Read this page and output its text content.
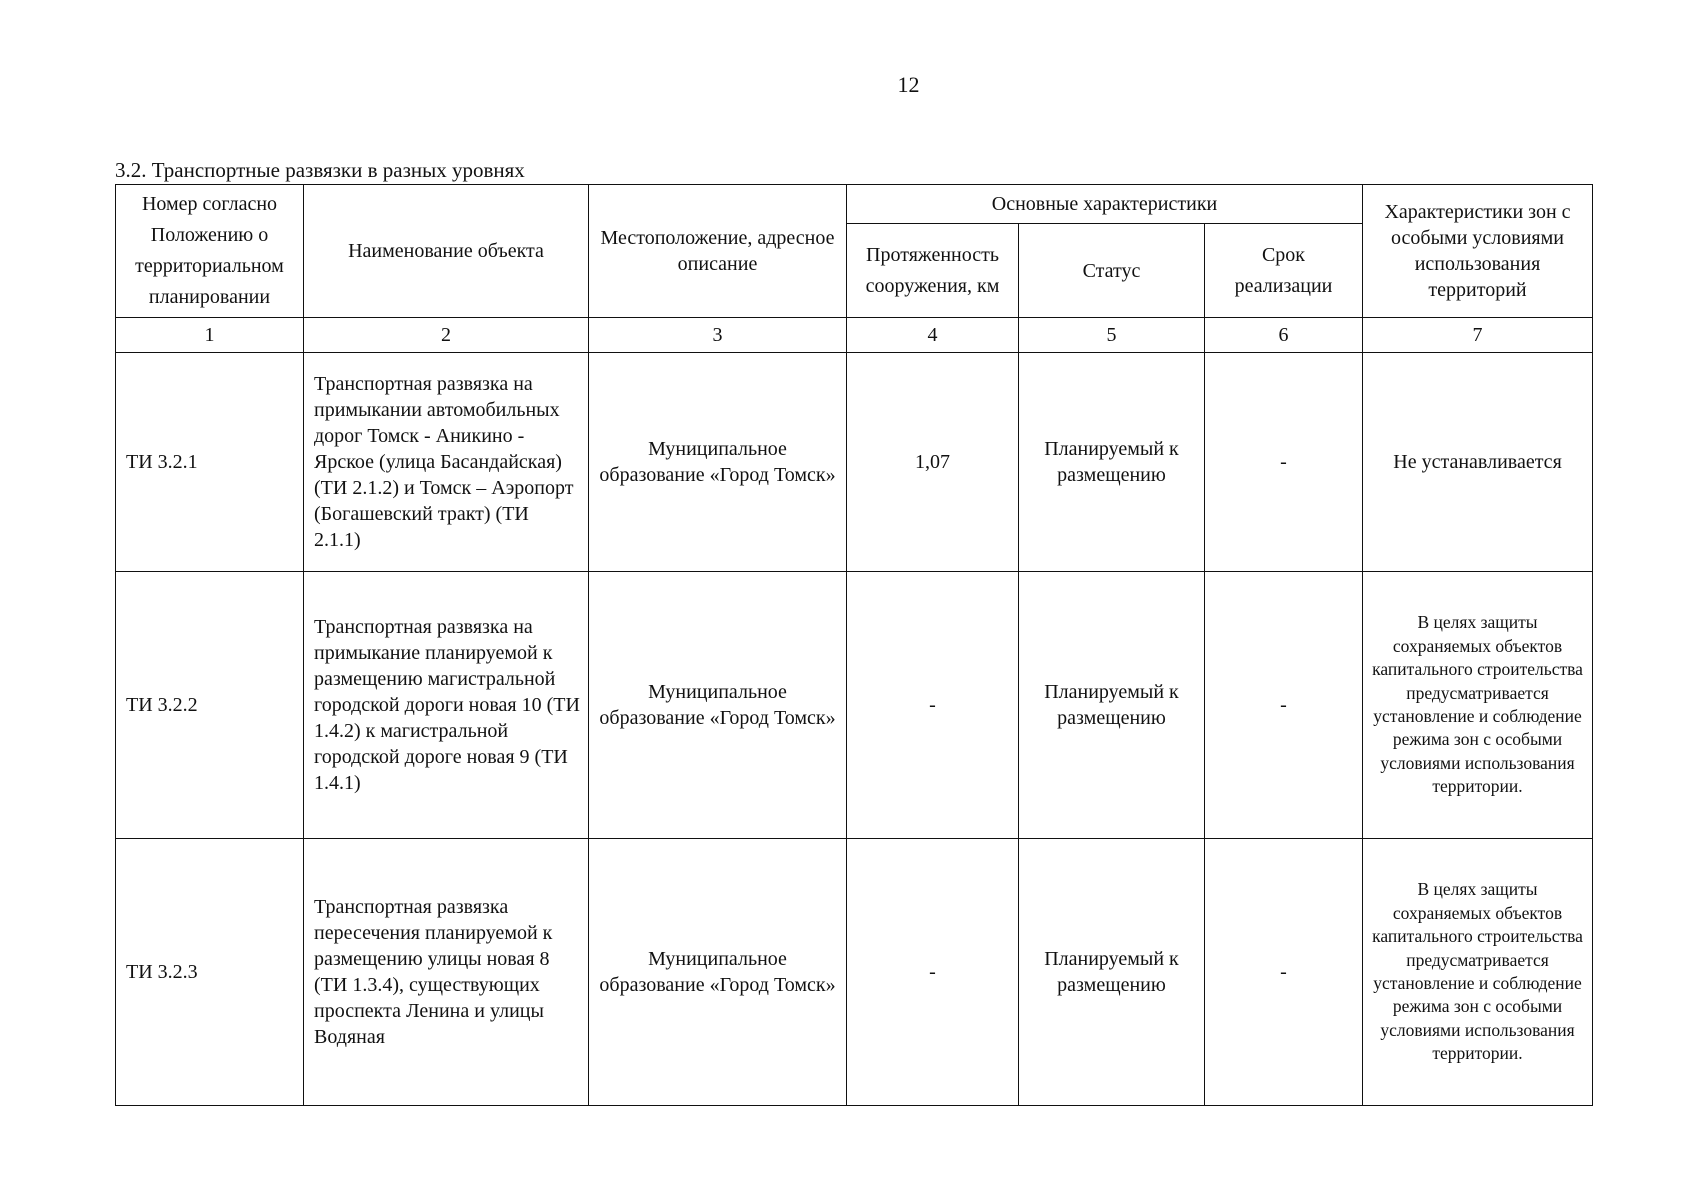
12
3.2. Транспортные развязки в разных уровнях
Номер согласно Положению о территориальном планировании	Наименование объекта	Местоположение, адресное описание	Основные характеристики			Характеристики зон с особыми условиями использования территорий
			Протяженность сооружения, км	Статус	Срок реализации	
1	2	3	4	5	6	7
ТИ 3.2.1	Транспортная развязка на примыкании автомобильных дорог Томск - Аникино - Ярское (улица Басандайская) (ТИ 2.1.2) и Томск – Аэропорт (Богашевский тракт) (ТИ 2.1.1)	Муниципальное образование «Город Томск»	1,07	Планируемый к размещению	-	Не устанавливается
ТИ 3.2.2	Транспортная развязка на примыкание планируемой к размещению магистральной городской дороги новая 10 (ТИ 1.4.2) к магистральной городской дороге новая 9 (ТИ 1.4.1)	Муниципальное образование «Город Томск»	-	Планируемый к размещению	-	В целях защиты сохраняемых объектов капитального строительства предусматривается установление и соблюдение режима зон с особыми условиями использования территории.
ТИ 3.2.3	Транспортная развязка пересечения планируемой к размещению улицы новая 8 (ТИ 1.3.4), существующих проспекта Ленина и улицы Водяная	Муниципальное образование «Город Томск»	-	Планируемый к размещению	-	В целях защиты сохраняемых объектов капитального строительства предусматривается установление и соблюдение режима зон с особыми условиями использования территории.
